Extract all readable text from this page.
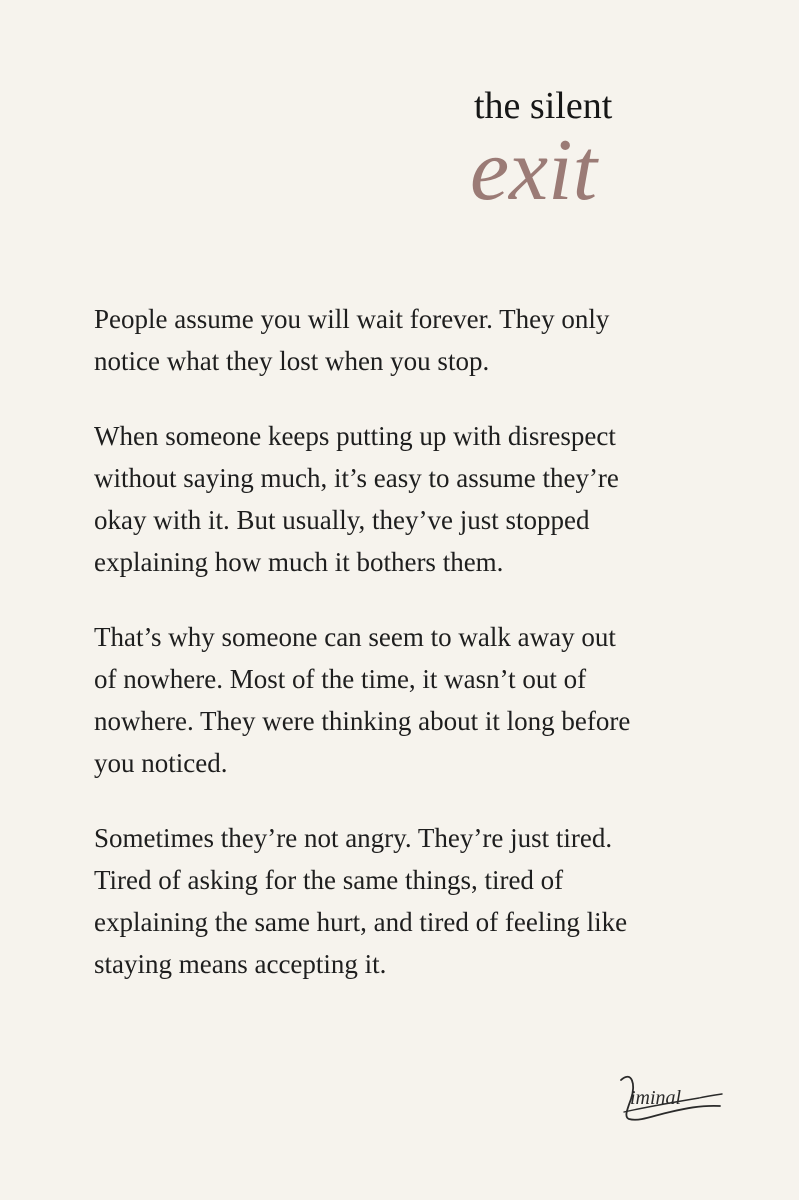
the silent
exit

People assume you will wait forever. They only
notice what they lost when you stop.

When someone keeps putting up with disrespect
without saying much, it’s easy to assume they’re
okay with it. But usually, they’ve just stopped
explaining how much it bothers them.

That’s why someone can seem to walk away out
of nowhere. Most of the time, it wasn’t out of
nowhere. They were thinking about it long before
you noticed.

Sometimes they’re not angry. They’re just tired.
Tired of asking for the same things, tired of
explaining the same hurt, and tired of feeling like
staying means accepting it.

iminal
